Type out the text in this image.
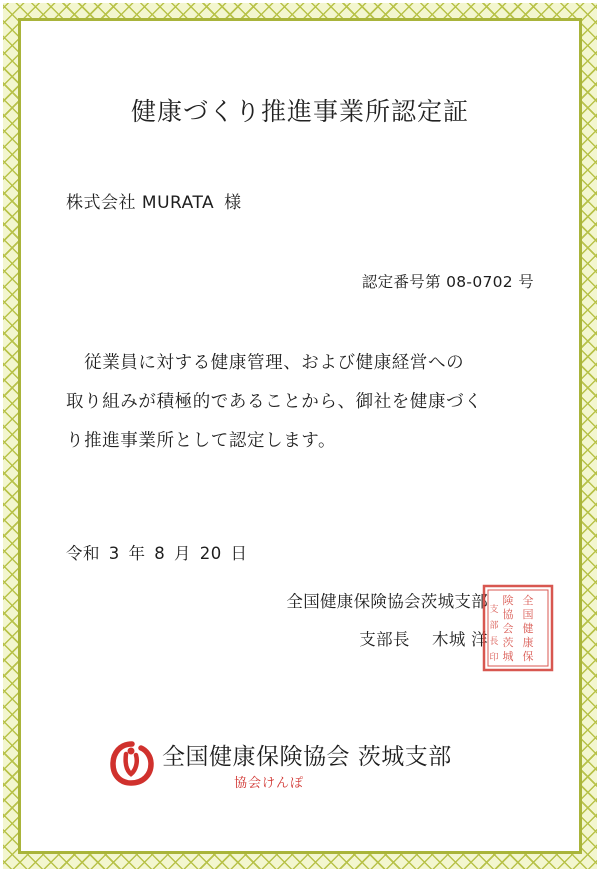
健康づくり推進事業所認定証
株式会社 MURATA 様
認定番号第 08-0702 号

　従業員に対する健康管理、および健康経営への

取り組みが積極的であることから、御社を健康づく

り推進事業所として認定します。

令和 3 年 8 月 20 日
全国健康保険協会茨城支部
支部長　 木城 洋
全
国
健
康
保
険
協
会
茨
城
支
部
長
印
全国健康保険協会 茨城支部
協会けんぽ
